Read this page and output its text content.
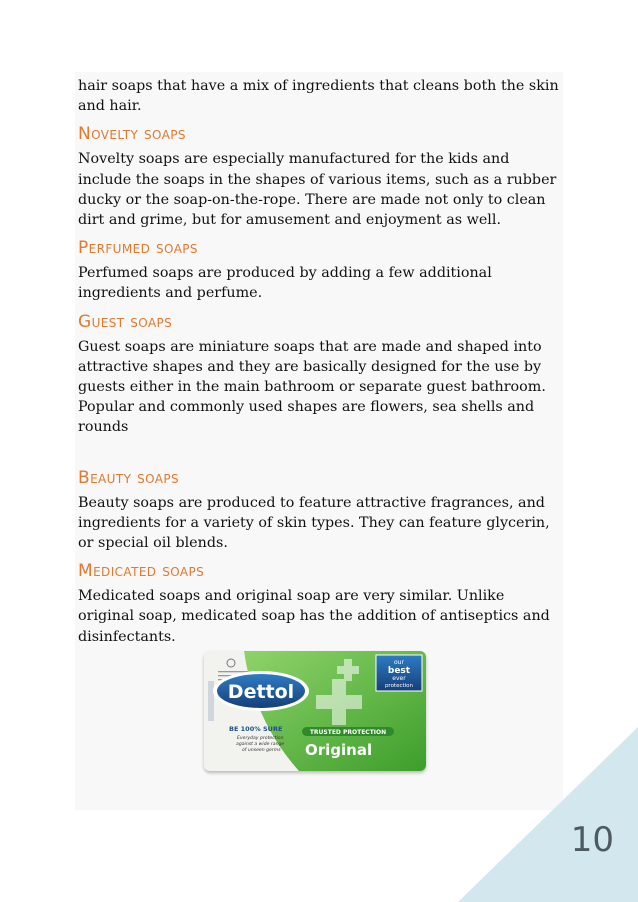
hair soaps that have a mix of ingredients that cleans both the skin and hair.

Novelty soaps

Novelty soaps are especially manufactured for the kids and include the soaps in the shapes of various items, such as a rubber ducky or the soap-on-the-rope. There are made not only to clean dirt and grime, but for amusement and enjoyment as well.

Perfumed soaps

Perfumed soaps are produced by adding a few additional ingredients and perfume.

Guest soaps

Guest soaps are miniature soaps that are made and shaped into attractive shapes and they are basically designed for the use by guests either in the main bathroom or separate guest bathroom. Popular and commonly used shapes are flowers, sea shells and rounds

Beauty soaps

Beauty soaps are produced to feature attractive fragrances, and ingredients for a variety of skin types. They can feature glycerin, or special oil blends.

Medicated soaps

Medicated soaps and original soap are very similar. Unlike original soap, medicated soap has the addition of antiseptics and disinfectants.

Dettol
our
best
ever
protection
BE 100% SURE
Everyday protection
against a wide range
of unseen germs
TRUSTED PROTECTION
Original
10
